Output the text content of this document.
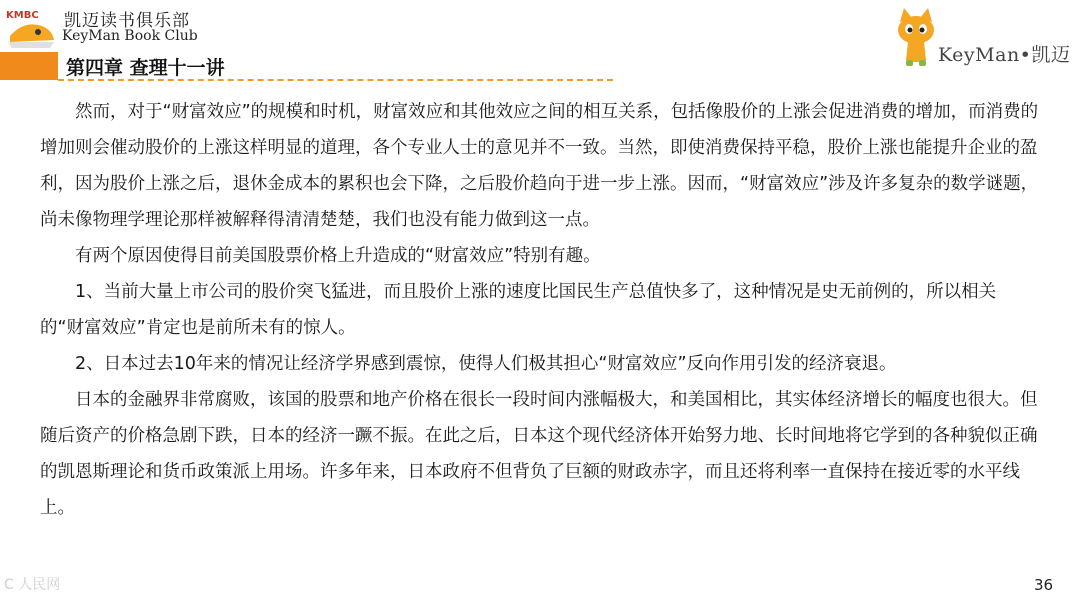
KMBC 凯迈读书俱乐部
KeyMan Book Club
第四章 查理十一讲
KeyMan•凯迈

然而，对于“财富效应”的规模和时机，财富效应和其他效应之间的相互关系，包括像股价的上涨会促进消费的增加，而消费的增加则会催动股价的上涨这样明显的道理，各个专业人士的意见并不一致。当然，即使消费保持平稳，股价上涨也能提升企业的盈利，因为股价上涨之后，退休金成本的累积也会下降，之后股价趋向于进一步上涨。因而，“财富效应”涉及许多复杂的数学谜题，尚未像物理学理论那样被解释得清清楚楚，我们也没有能力做到这一点。

有两个原因使得目前美国股票价格上升造成的“财富效应”特别有趣。

1、当前大量上市公司的股价突飞猛进，而且股价上涨的速度比国民生产总值快多了，这种情况是史无前例的，所以相关的“财富效应”肯定也是前所未有的惊人。

2、日本过去10年来的情况让经济学界感到震惊，使得人们极其担心“财富效应”反向作用引发的经济衰退。

日本的金融界非常腐败，该国的股票和地产价格在很长一段时间内涨幅极大，和美国相比，其实体经济增长的幅度也很大。但随后资产的价格急剧下跌，日本的经济一蹶不振。在此之后，日本这个现代经济体开始努力地、长时间地将它学到的各种貌似正确的凯恩斯理论和货币政策派上用场。许多年来，日本政府不但背负了巨额的财政赤字，而且还将利率一直保持在接近零的水平线上。

C 人民网	36
